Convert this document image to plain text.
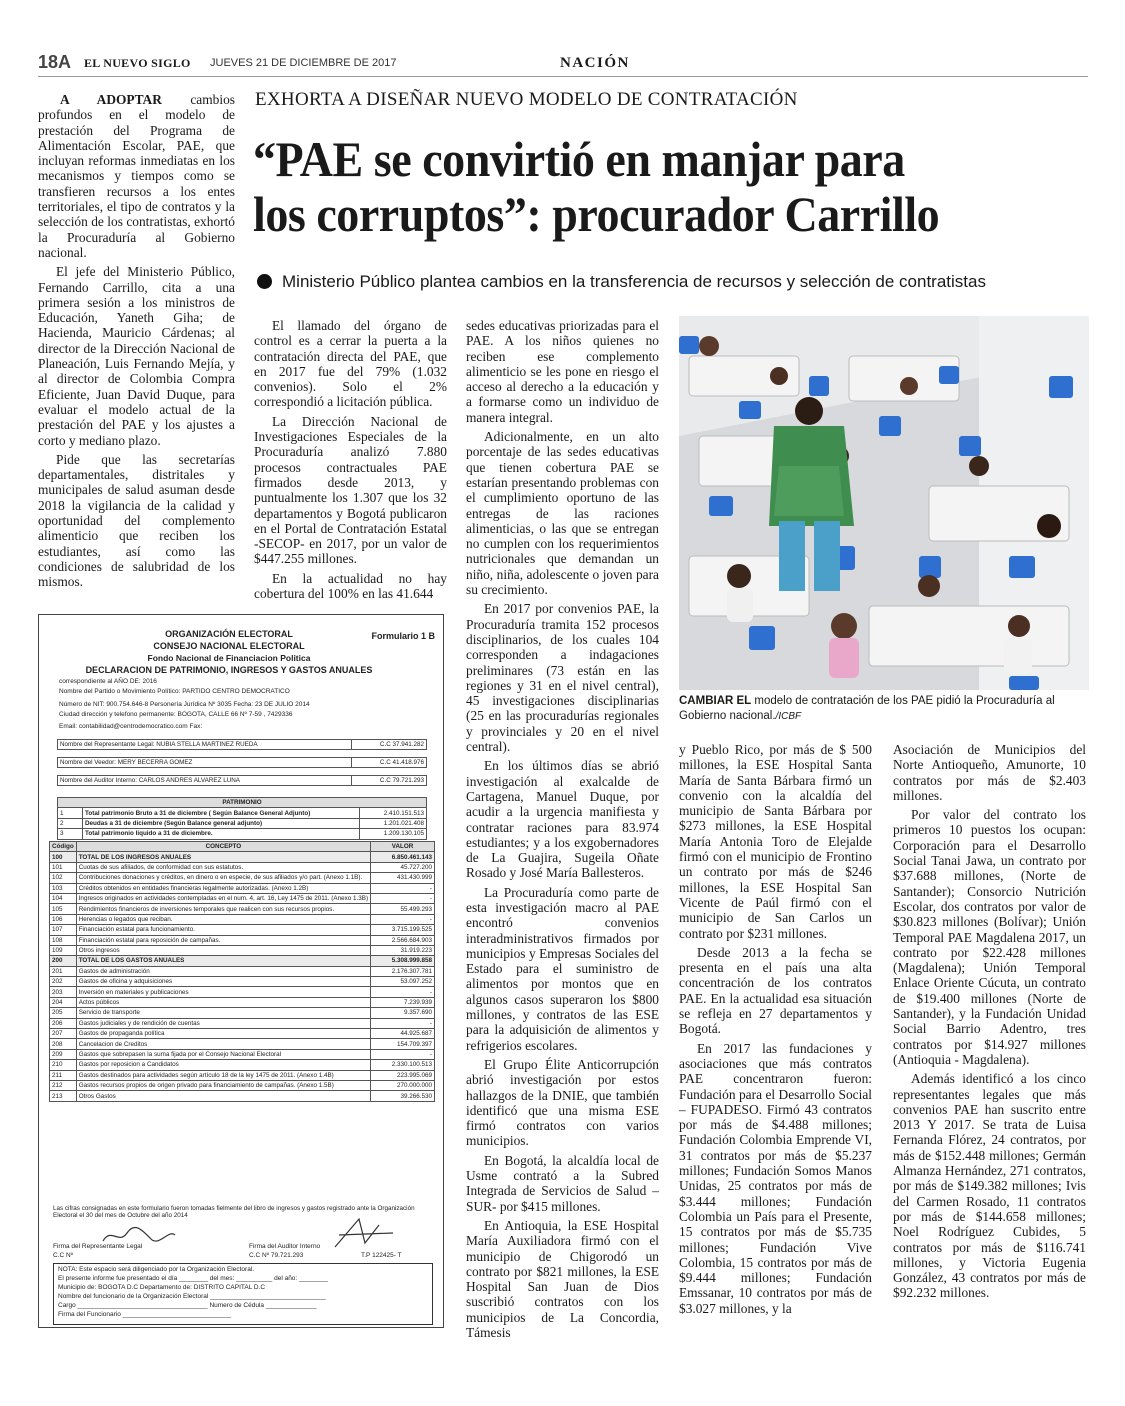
18A EL NUEVO SIGLO JUEVES 21 DE DICIEMBRE DE 2017	NACIÓN

A ADOPTAR cambios profundos en el modelo de prestación del Programa de Alimentación Escolar, PAE, que incluyan reformas inmediatas en los mecanismos y tiempos como se transfieren recursos a los entes territoriales, el tipo de contratos y la selección de los contratistas, exhortó la Procuraduría al Gobierno nacional.

El jefe del Ministerio Público, Fernando Carrillo, cita a una primera sesión a los ministros de Educación, Yaneth Giha; de Hacienda, Mauricio Cárdenas; al director de la Dirección Nacional de Planeación, Luis Fernando Mejía, y al director de Colombia Compra Eficiente, Juan David Duque, para evaluar el modelo actual de la prestación del PAE y los ajustes a corto y mediano plazo.

Pide que las secretarías departamentales, distritales y municipales de salud asuman desde 2018 la vigilancia de la calidad y oportunidad del complemento alimenticio que reciben los estudiantes, así como las condiciones de salubridad de los mismos.

EXHORTA A DISEÑAR NUEVO MODELO DE CONTRATACIÓN
“PAE se convirtió en manjar para
los corruptos”: procurador Carrillo
Ministerio Público plantea cambios en la transferencia de recursos y selección de contratistas

El llamado del órgano de control es a cerrar la puerta a la contratación directa del PAE, que en 2017 fue del 79% (1.032 convenios). Solo el 2% correspondió a licitación pública.

La Dirección Nacional de Investigaciones Especiales de la Procuraduría analizó 7.880 procesos contractuales PAE firmados desde 2013, y puntualmente los 1.307 que los 32 departamentos y Bogotá publicaron en el Portal de Contratación Estatal -SECOP- en 2017, por un valor de $447.255 millones.

En la actualidad no hay cobertura del 100% en las 41.644

sedes educativas priorizadas para el PAE. A los niños quienes no reciben ese complemento alimenticio se les pone en riesgo el acceso al derecho a la educación y a formarse como un individuo de manera integral.

Adicionalmente, en un alto porcentaje de las sedes educativas que tienen cobertura PAE se estarían presentando problemas con el cumplimiento oportuno de las entregas de las raciones alimenticias, o las que se entregan no cumplen con los requerimientos nutricionales que demandan un niño, niña, adolescente o joven para su crecimiento.

En 2017 por convenios PAE, la Procuraduría tramita 152 procesos disciplinarios, de los cuales 104 corresponden a indagaciones preliminares (73 están en las regiones y 31 en el nivel central), 45 investigaciones disciplinarias (25 en las procuradurías regionales y provinciales y 20 en el nivel central).

En los últimos días se abrió investigación al exalcalde de Cartagena, Manuel Duque, por acudir a la urgencia manifiesta y contratar raciones para 83.974 estudiantes; y a los exgobernadores de La Guajira, Sugeila Oñate Rosado y José María Ballesteros.

La Procuraduría como parte de esta investigación macro al PAE encontró convenios interadministrativos firmados por municipios y Empresas Sociales del Estado para el suministro de alimentos por montos que en algunos casos superaron los $800 millones, y contratos de las ESE para la adquisición de alimentos y refrigerios escolares.

El Grupo Élite Anticorrupción abrió investigación por estos hallazgos de la DNIE, que también identificó que una misma ESE firmó contratos con varios municipios.

En Bogotá, la alcaldía local de Usme contrató a la Subred Integrada de Servicios de Salud – SUR- por $415 millones.

En Antioquia, la ESE Hospital María Auxiliadora firmó con el municipio de Chigorodó un contrato por $821 millones, la ESE Hospital San Juan de Dios suscribió contratos con los municipios de La Concordia, Támesis

CAMBIAR EL modelo de contratación de los PAE pidió la Procuraduría al Gobierno nacional./ICBF

y Pueblo Rico, por más de $ 500 millones, la ESE Hospital Santa María de Santa Bárbara firmó un convenio con la alcaldía del municipio de Santa Bárbara por $273 millones, la ESE Hospital María Antonia Toro de Elejalde firmó con el municipio de Frontino un contrato por más de $246 millones, la ESE Hospital San Vicente de Paúl firmó con el municipio de San Carlos un contrato por $231 millones.

Desde 2013 a la fecha se presenta en el país una alta concentración de los contratos PAE. En la actualidad esa situación se refleja en 27 departamentos y Bogotá.

En 2017 las fundaciones y asociaciones que más contratos PAE concentraron fueron: Fundación para el Desarrollo Social – FUPADESO. Firmó 43 contratos por más de $4.488 millones; Fundación Colombia Emprende VI, 31 contratos por más de $5.237 millones; Fundación Somos Manos Unidas, 25 contratos por más de $3.444 millones; Fundación Colombia un País para el Presente, 15 contratos por más de $5.735 millones; Fundación Vive Colombia, 15 contratos por más de $9.444 millones; Fundación Emssanar, 10 contratos por más de $3.027 millones, y la

Asociación de Municipios del Norte Antioqueño, Amunorte, 10 contratos por más de $2.403 millones.

Por valor del contrato los primeros 10 puestos los ocupan: Corporación para el Desarrollo Social Tanai Jawa, un contrato por $37.688 millones, (Norte de Santander); Consorcio Nutrición Escolar, dos contratos por valor de $30.823 millones (Bolívar); Unión Temporal PAE Magdalena 2017, un contrato por $22.428 millones (Magdalena); Unión Temporal Enlace Oriente Cúcuta, un contrato de $19.400 millones (Norte de Santander), y la Fundación Unidad Social Barrio Adentro, tres contratos por $14.927 millones (Antioquia - Magdalena).

Además identificó a los cinco representantes legales que más convenios PAE han suscrito entre 2013 Y 2017. Se trata de Luisa Fernanda Flórez, 24 contratos, por más de $152.448 millones; Germán Almanza Hernández, 271 contratos, por más de $149.382 millones; Ivis del Carmen Rosado, 11 contratos por más de $144.658 millones; Noel Rodríguez Cubides, 5 contratos por más de $116.741 millones, y Victoria Eugenia González, 43 contratos por más de $92.232 millones.

ORGANIZACIÓN ELECTORAL
CONSEJO NACIONAL ELECTORAL
Fondo Nacional de Financiacion Politica
DECLARACION DE PATRIMONIO, INGRESOS Y GASTOS ANUALES
Formulario 1 B
correspondiente al AÑO DE: 2016
Nombre del Partido o Movimiento Político: PARTIDO CENTRO DEMOCRATICO
Número de NIT: 900.754.646-8 Personería Jurídica Nº 3035 Fecha: 23 DE JULIO 2014
Ciudad dirección y telefono permanente: BOGOTA, CALLE 66 Nº 7-59 , 7429336
Email: contabilidad@centrodemocratico.com Fax:
Nombre del Representante Legal: NUBIA STELLA MARTINEZ RUEDA	C.C 37.941.282
Nombre del Veedor: MERY BECERRA GOMEZ	C.C 41.418.976
Nombre del Auditor Interno: CARLOS ANDRES ALVAREZ LUNA	C.C 79.721.293
PATRIMONIO		
1	Total patrimonio Bruto a 31 de diciembre ( Según Balance General Adjunto)	2.410.151.513
2	Deudas a 31 de diciembre (Según Balance general adjunto)	1.201.021.408
3	Total patrimonio líquido a 31 de diciembre.	1.209.130.105
Código	CONCEPTO	VALOR
100	TOTAL DE LOS INGRESOS ANUALES	6.850.461.143
101	Cuotas de sus afiliados, de conformidad con sus estatutos.	45.727.200
102	Contribuciones donaciones y créditos, en dinero o en especie, de sus afiliados y/o part. (Anexo 1.1B).	431.430.999
103	Créditos obtenidos en entidades financieras legalmente autorizadas. (Anexo 1.2B)	-
104	Ingresos originados en actividades contempladas en el num. 4, art. 16, Ley 1475 de 2011. (Anexo 1.3B)	-
105	Rendimientos financieros de inversiones temporales que realicen con sus recursos propios.	55.499.293
106	Herencias o legados que reciban.	-
107	Financiación estatal para funcionamiento.	3.715.199.525
108	Financiación estatal para reposición de campañas.	2.566.684.903
109	Otros ingresos	31.919.223
200	TOTAL DE LOS GASTOS ANUALES	5.308.999.858
201	Gastos de administración	2.176.307.781
202	Gastos de oficina y adquisiciones	53.097.252
203	Inversión en materiales y publicaciones	-
204	Actos públicos	7.239.939
205	Servicio de transporte	9.357.690
206	Gastos judiciales y de rendición de cuentas	-
207	Gastos de propaganda política	44.925.687
208	Cancelacion de Creditos	154.709.397
209	Gastos que sobrepasen la suma fijada por el Consejo Nacional Electoral	-
210	Gastos por reposicion a Candidatos	2.330.100.513
211	Gastos destinados para actividades según artículo 18 de la ley 1475 de 2011. (Anexo 1.4B)	223.995.069
212	Gastos recursos propios de origen privado para financiamiento de campañas. (Anexo 1.5B)	270.000.000
213	Otros Gastos	39.266.530
Las cifras consignadas en este formulario fueron tomadas fielmente del libro de ingresos y gastos registrado ante la Organización Electoral el 30 del mes de Octubre del año 2014
Firma del Representante Legal
C.C Nº
Firma del Auditor Interno
C.C Nº 79.721.293	T.P 122425- T
NOTA: Este espacio será diligenciado por la Organización Electoral.
El presente informe fue presentado el día ________ del mes: __________ del año: ________
Municipio de: BOGOTA D.C Departamento de: DISTRITO CAPITAL D.C
Nombre del funcionario de la Organización Electoral ________________________________
Cargo ____________________________________ Numero de Cédula ______________
Firma del Funcionario ______________________________
